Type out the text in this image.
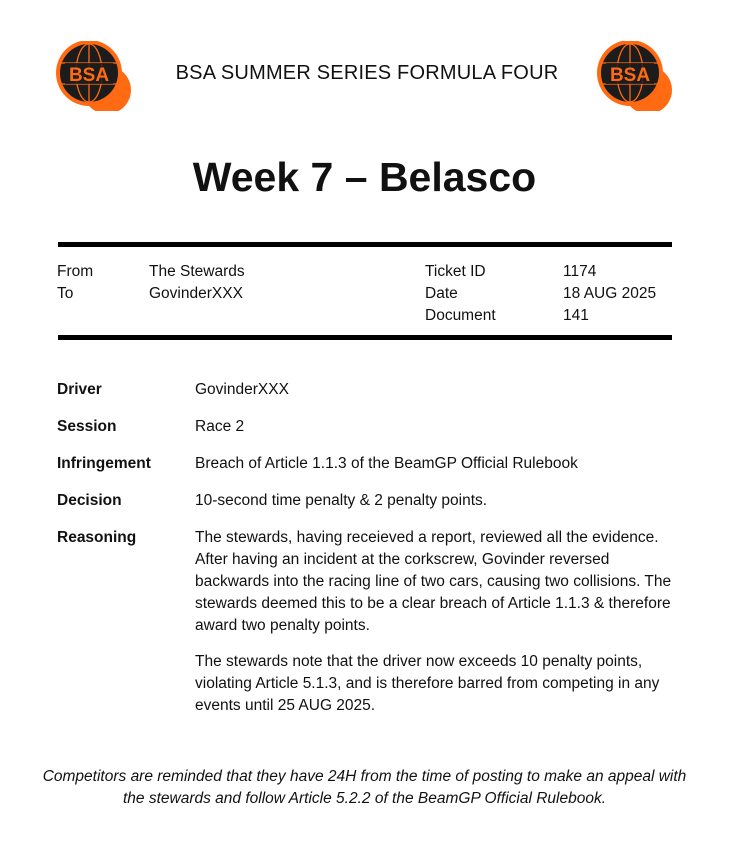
BSA	BSA SUMMER SERIES FORMULA FOUR	BSA
Week 7 – Belasco
From	The Stewards
To	GovinderXXX
Ticket ID	1174
Date	18 AUG 2025
Document	141
Driver	GovinderXXX
Session	Race 2
Infringement	Breach of Article 1.1.3 of the BeamGP Official Rulebook
Decision	10-second time penalty & 2 penalty points.
Reasoning	The stewards, having receieved a report, reviewed all the evidence. After having an incident at the corkscrew, Govinder reversed backwards into the racing line of two cars, causing two collisions. The stewards deemed this to be a clear breach of Article 1.1.3 & therefore award two penalty points.
The stewards note that the driver now exceeds 10 penalty points, violating Article 5.1.3, and is therefore barred from competing in any events until 25 AUG 2025.
Competitors are reminded that they have 24H from the time of posting to make an appeal with the stewards and follow Article 5.2.2 of the BeamGP Official Rulebook.
